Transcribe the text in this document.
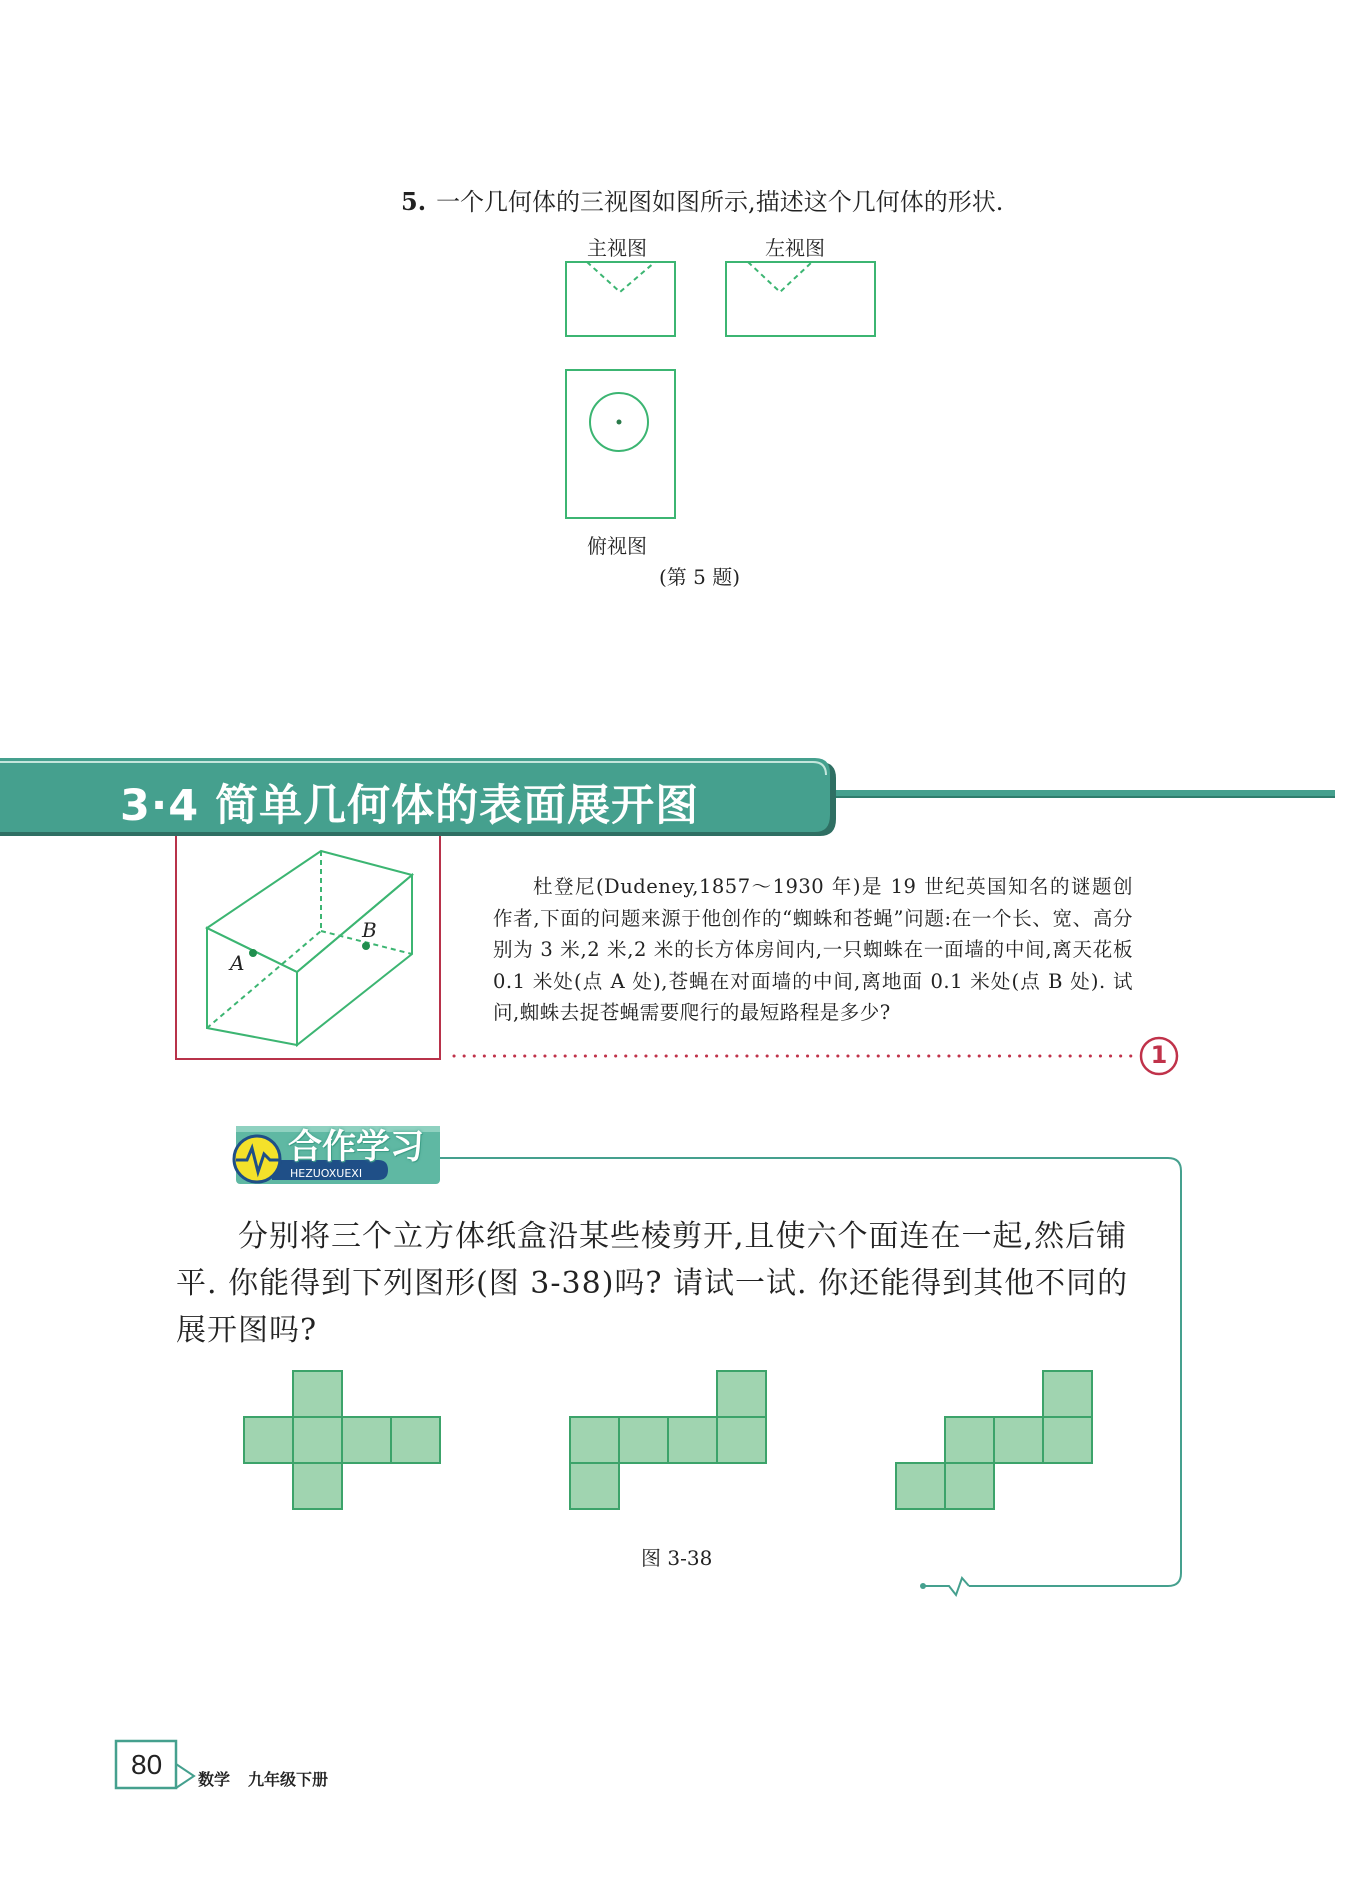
5. 一个几何体的三视图如图所示,描述这个几何体的形状.
主视图	左视图
俯视图
(第 5 题)
3·4 简单几何体的表面展开图
A
B
1

杜登尼(Dudeney,1857～1930 年)是 19 世纪英国知名的谜题创作者,下面的问题来源于他创作的“蜘蛛和苍蝇”问题:在一个长、宽、高分别为 3 米,2 米,2 米的长方体房间内,一只蜘蛛在一面墙的中间,离天花板 0.1 米处(点 A 处),苍蝇在对面墙的中间,离地面 0.1 米处(点 B 处). 试问,蜘蛛去捉苍蝇需要爬行的最短路程是多少?

合作学习
HEZUOXUEXI

分别将三个立方体纸盒沿某些棱剪开,且使六个面连在一起,然后铺平. 你能得到下列图形(图 3-38)吗? 请试一试. 你还能得到其他不同的展开图吗?

图 3-38
80 数学 九年级下册
